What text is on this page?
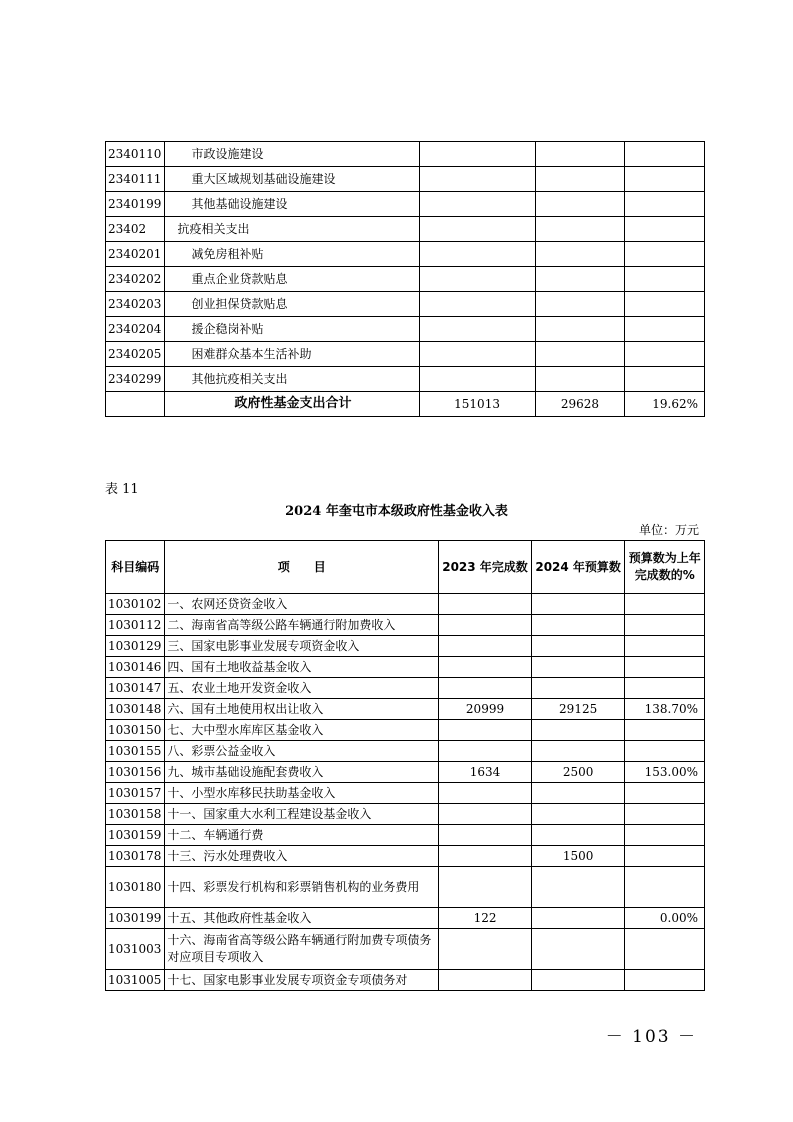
2340110	市政设施建设			
2340111	重大区域规划基础设施建设			
2340199	其他基础设施建设			
23402	抗疫相关支出			
2340201	减免房租补贴			
2340202	重点企业贷款贴息			
2340203	创业担保贷款贴息			
2340204	援企稳岗补贴			
2340205	困难群众基本生活补助			
2340299	其他抗疫相关支出			
	政府性基金支出合计	151013	29628	19.62%
表 11
2024 年奎屯市本级政府性基金收入表
单位：万元
科目编码	项　　目	2023 年完成数	2024 年预算数	预算数为上年完成数的%
1030102	一、农网还贷资金收入			
1030112	二、海南省高等级公路车辆通行附加费收入			
1030129	三、国家电影事业发展专项资金收入			
1030146	四、国有土地收益基金收入			
1030147	五、农业土地开发资金收入			
1030148	六、国有土地使用权出让收入	20999	29125	138.70%
1030150	七、大中型水库库区基金收入			
1030155	八、彩票公益金收入			
1030156	九、城市基础设施配套费收入	1634	2500	153.00%
1030157	十、小型水库移民扶助基金收入			
1030158	十一、国家重大水利工程建设基金收入			
1030159	十二、车辆通行费			
1030178	十三、污水处理费收入		1500	
1030180	十四、彩票发行机构和彩票销售机构的业务费用			
1030199	十五、其他政府性基金收入	122		0.00%
1031003	十六、海南省高等级公路车辆通行附加费专项债务对应项目专项收入			
1031005	十七、国家电影事业发展专项资金专项债务对			
－ 103 －
